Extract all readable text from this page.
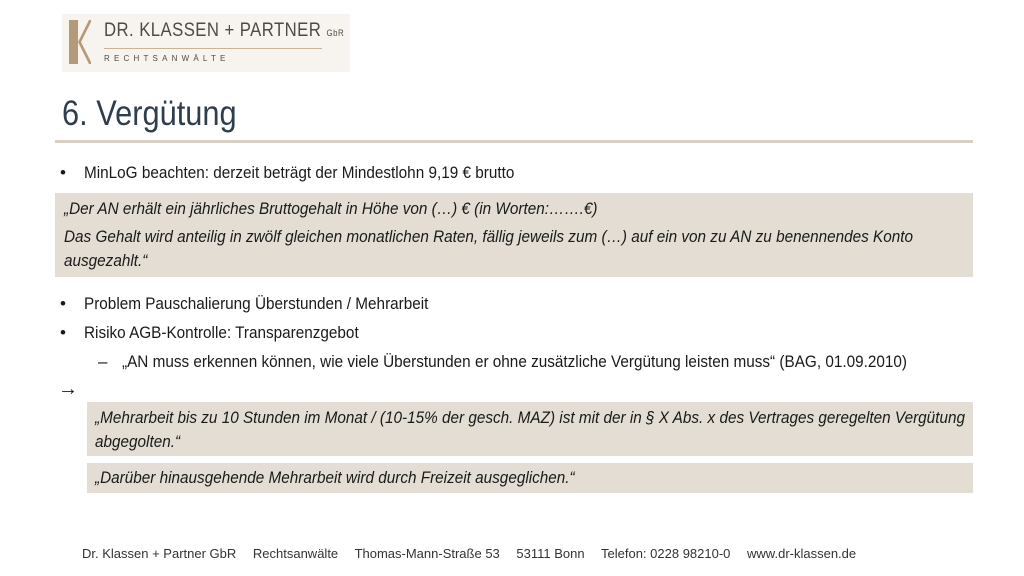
DR. KLASSEN + PARTNER GbR
RECHTSANWÄLTE
6. Vergütung
• MinLoG beachten: derzeit beträgt der Mindestlohn 9,19 € brutto

„Der AN erhält ein jährliches Bruttogehalt in Höhe von (…) € (in Worten:…….€)

Das Gehalt wird anteilig in zwölf gleichen monatlichen Raten, fällig jeweils zum (…) auf ein von zu AN zu benennendes Konto ausgezahlt.“

• Problem Pauschalierung Überstunden / Mehrarbeit
• Risiko AGB-Kontrolle: Transparenzgebot
– „AN muss erkennen können, wie viele Überstunden er ohne zusätzliche Vergütung leisten muss“ (BAG, 01.09.2010)
→

„Mehrarbeit bis zu 10 Stunden im Monat / (10-15% der gesch. MAZ) ist mit der in § X Abs. x des Vertrages geregelten Vergütung abgegolten.“

„Darüber hinausgehende Mehrarbeit wird durch Freizeit ausgeglichen.“

Dr. Klassen + Partner GbR Rechtsanwälte Thomas-Mann-Straße 53 53111 Bonn Telefon: 0228 98210-0 www.dr-klassen.de
